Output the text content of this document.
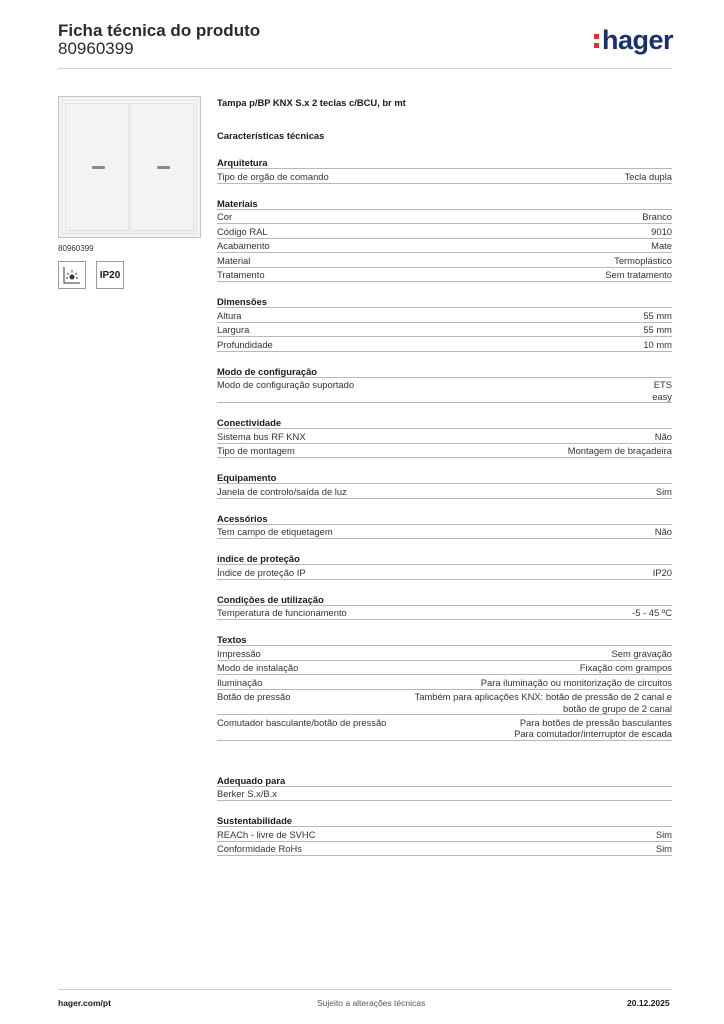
Ficha técnica do produto
80960399	hager
80960399
IP20
Tampa p/BP KNX S.x 2 teclas c/BCU, br mt
Características técnicas
Arquitetura
Tipo de orgão de comando	Tecla dupla
Materiais
Cor	Branco
Código RAL	9010
Acabamento	Mate
Material	Termoplástico
Tratamento	Sem tratamento
Dimensões
Altura	55 mm
Largura	55 mm
Profundidade	10 mm
Modo de configuração
Modo de configuração suportado	ETS
easy
Conectividade
Sistema bus RF KNX	Não
Tipo de montagem	Montagem de braçadeira
Equipamento
Janela de controlo/saída de luz	Sim
Acessórios
Tem campo de etiquetagem	Não
índice de proteção
Índice de proteção IP	IP20
Condições de utilização
Temperatura de funcionamento	-5 - 45 ºC
Textos
Impressão	Sem gravação
Modo de instalação	Fixação com grampos
Iluminação	Para iluminação ou monitorização de circuitos
Botão de pressão	Também para aplicações KNX: botão de pressão de 2 canal e
botão de grupo de 2 canal
Comutador basculante/botão de pressão	Para botões de pressão basculantes
Para comutador/interruptor de escada
Adequado para
Berker S.x/B.x
Sustentabilidade
REACh - livre de SVHC	Sim
Conformidade RoHs	Sim
hager.com/pt	Sujeito a alterações técnicas	20.12.2025
